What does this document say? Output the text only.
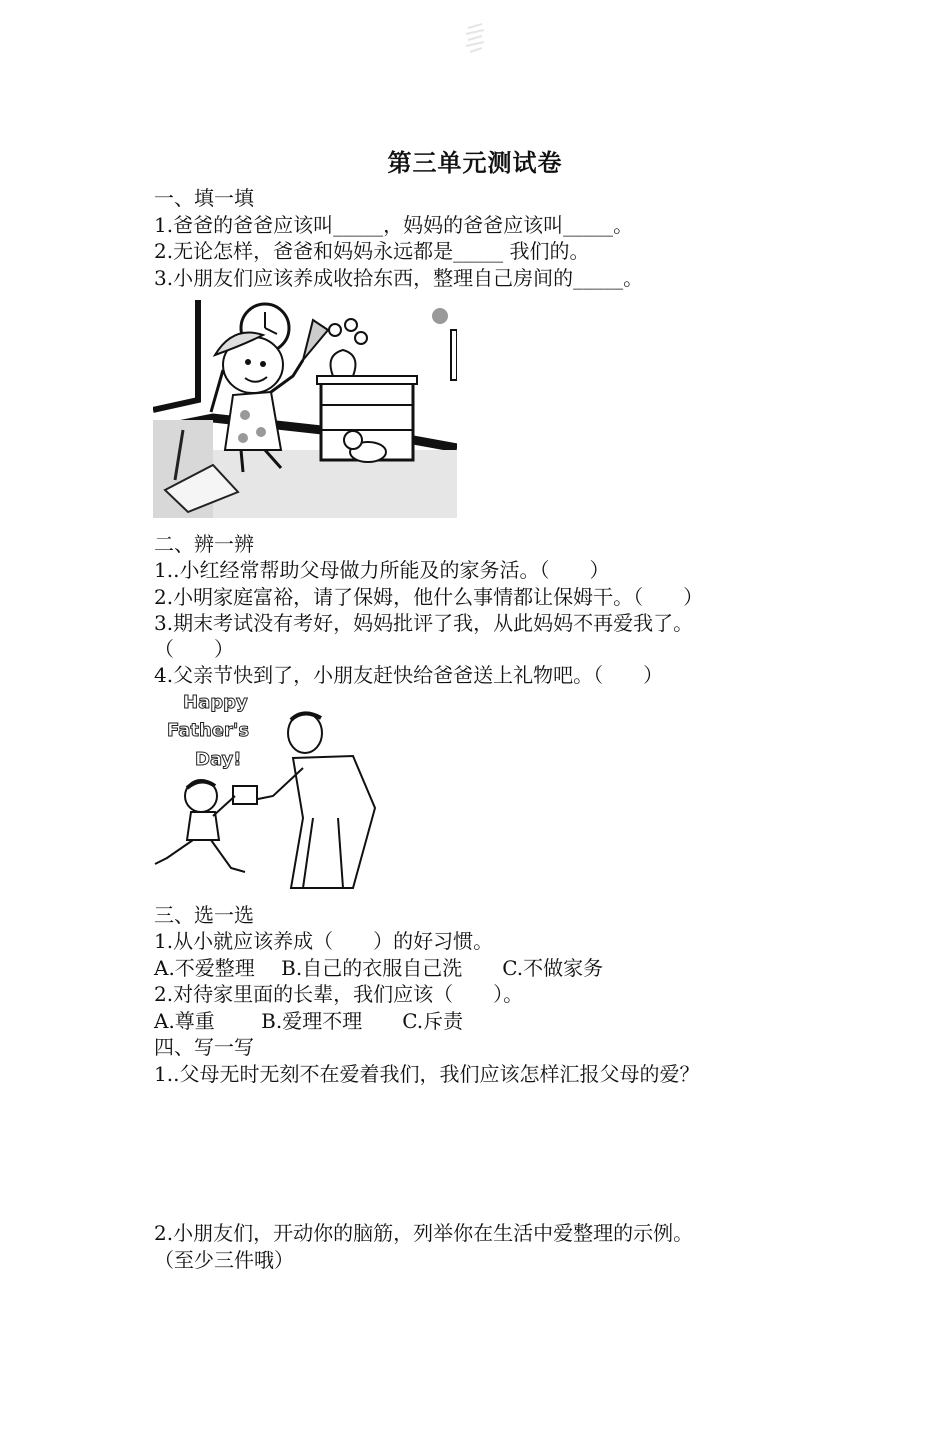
第三单元测试卷
一、填一填
1.爸爸的爸爸应该叫_____，妈妈的爸爸应该叫_____。
2.无论怎样，爸爸和妈妈永远都是_____ 我们的。
3.小朋友们应该养成收拾东西，整理自己房间的_____。
二、辨一辨
1..小红经常帮助父母做力所能及的家务活。（　　）
2.小明家庭富裕，请了保姆，他什么事情都让保姆干。（　　）
3.期末考试没有考好，妈妈批评了我，从此妈妈不再爱我了。
（　　）
4.父亲节快到了，小朋友赶快给爸爸送上礼物吧。（　　）
Happy
Father's
Day!
三、选一选
1.从小就应该养成（　　）的好习惯。
A.不爱整理　 B.自己的衣服自己洗　　C.不做家务
2.对待家里面的长辈，我们应该（　　）。
A.尊重　　 B.爱理不理　　C.斥责
四、写一写
1..父母无时无刻不在爱着我们，我们应该怎样汇报父母的爱？
2.小朋友们，开动你的脑筋，列举你在生活中爱整理的示例。
（至少三件哦）
